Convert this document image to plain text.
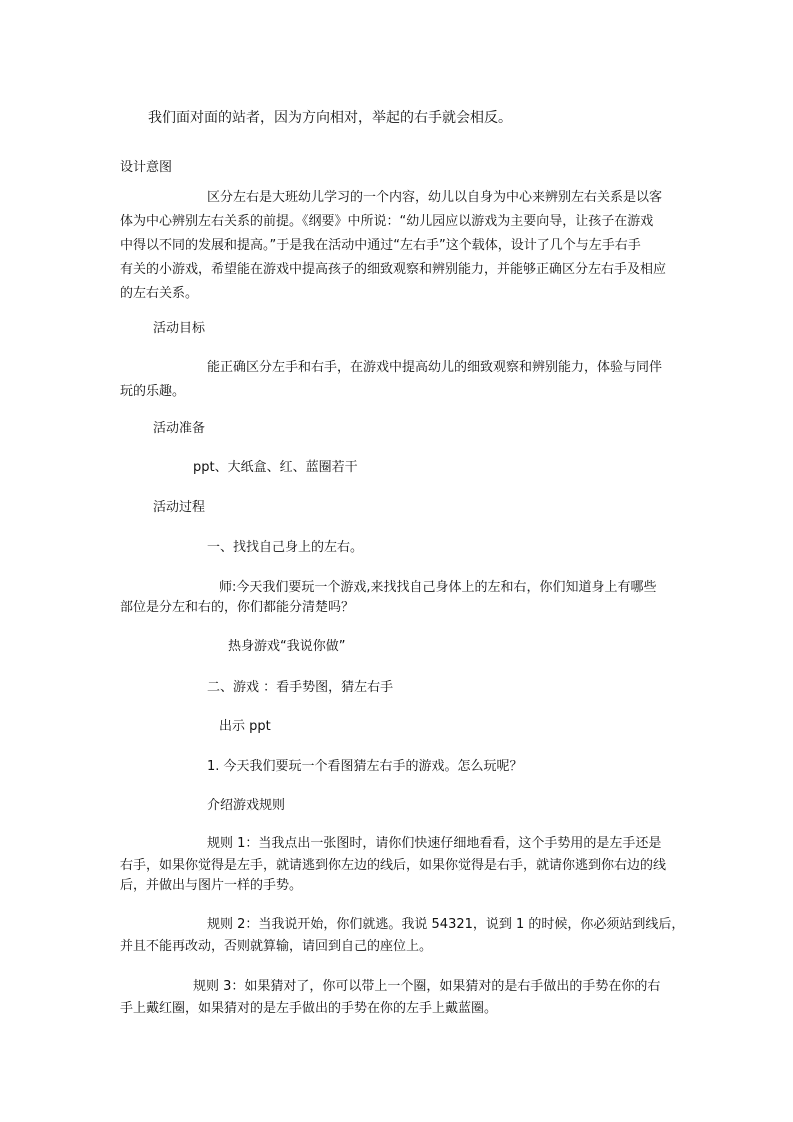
我们面对面的站者，因为方向相对，举起的右手就会相反。
设计意图
区分左右是大班幼儿学习的一个内容，幼儿以自身为中心来辨别左右关系是以客
体为中心辨别左右关系的前提。《纲要》中所说：“幼儿园应以游戏为主要向导，让孩子在游戏
中得以不同的发展和提高。”于是我在活动中通过“左右手”这个载体，设计了几个与左手右手
有关的小游戏，希望能在游戏中提高孩子的细致观察和辨别能力，并能够正确区分左右手及相应
的左右关系。
活动目标
能正确区分左手和右手，在游戏中提高幼儿的细致观察和辨别能力，体验与同伴
玩的乐趣。
活动准备
ppt、大纸盒、红、蓝圈若干
活动过程
一、找找自己身上的左右。
师:今天我们要玩一个游戏,来找找自己身体上的左和右，你们知道身上有哪些
部位是分左和右的，你们都能分清楚吗？
热身游戏“我说你做”
二、游戏 ：看手势图，猜左右手
出示 ppt
1. 今天我们要玩一个看图猜左右手的游戏。怎么玩呢？
介绍游戏规则
规则 1：当我点出一张图时，请你们快速仔细地看看，这个手势用的是左手还是
右手，如果你觉得是左手，就请逃到你左边的线后，如果你觉得是右手，就请你逃到你右边的线
后，并做出与图片一样的手势。
规则 2：当我说开始，你们就逃。我说 54321，说到 1 的时候，你必须站到线后，
并且不能再改动，否则就算输，请回到自己的座位上。
规则 3：如果猜对了，你可以带上一个圈，如果猜对的是右手做出的手势在你的右
手上戴红圈，如果猜对的是左手做出的手势在你的左手上戴蓝圈。
